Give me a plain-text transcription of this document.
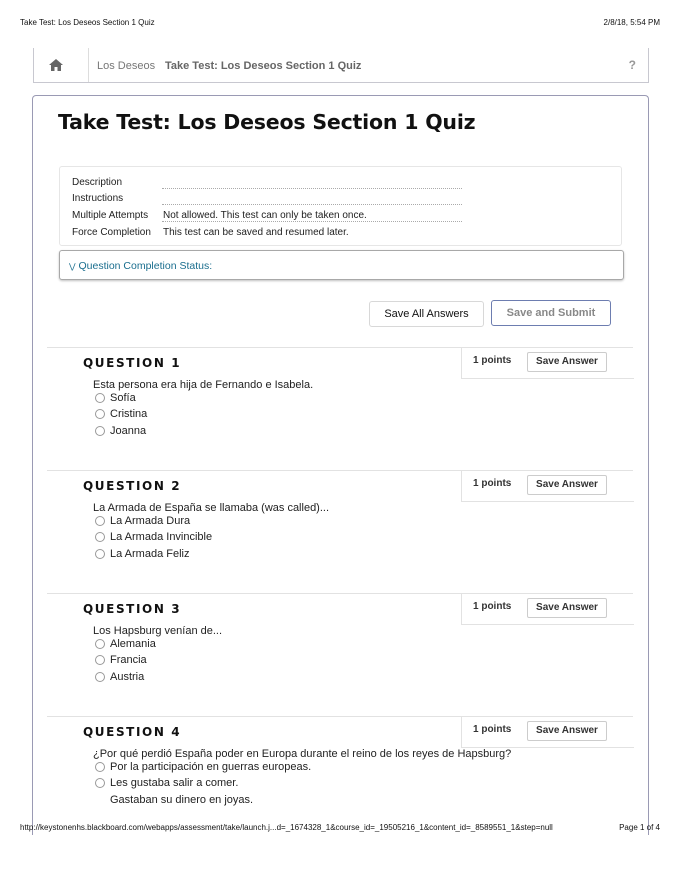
Take Test: Los Deseos Section 1 Quiz	2/8/18, 5:54 PM
Los Deseos Take Test: Los Deseos Section 1 Quiz	?
Take Test: Los Deseos Section 1 Quiz
Description
Instructions
Multiple Attempts Not allowed. This test can only be taken once.
Force Completion This test can be saved and resumed later.
⋁ Question Completion Status:
Save All Answers	Save and Submit
QUESTION 1	1 points	Save Answer
Esta persona era hija de Fernando e Isabela.
Sofía
Cristina
Joanna
QUESTION 2	1 points	Save Answer
La Armada de España se llamaba (was called)...
La Armada Dura
La Armada Invincible
La Armada Feliz
QUESTION 3	1 points	Save Answer
Los Hapsburg venían de...
Alemania
Francia
Austria
QUESTION 4	1 points	Save Answer
¿Por qué perdió España poder en Europa durante el reino de los reyes de Hapsburg?
Por la participación en guerras europeas.
Les gustaba salir a comer.
Gastaban su dinero en joyas.
http://keystonenhs.blackboard.com/webapps/assessment/take/launch.j...d=_1674328_1&course_id=_19505216_1&content_id=_8589551_1&step=null	Page 1 of 4
